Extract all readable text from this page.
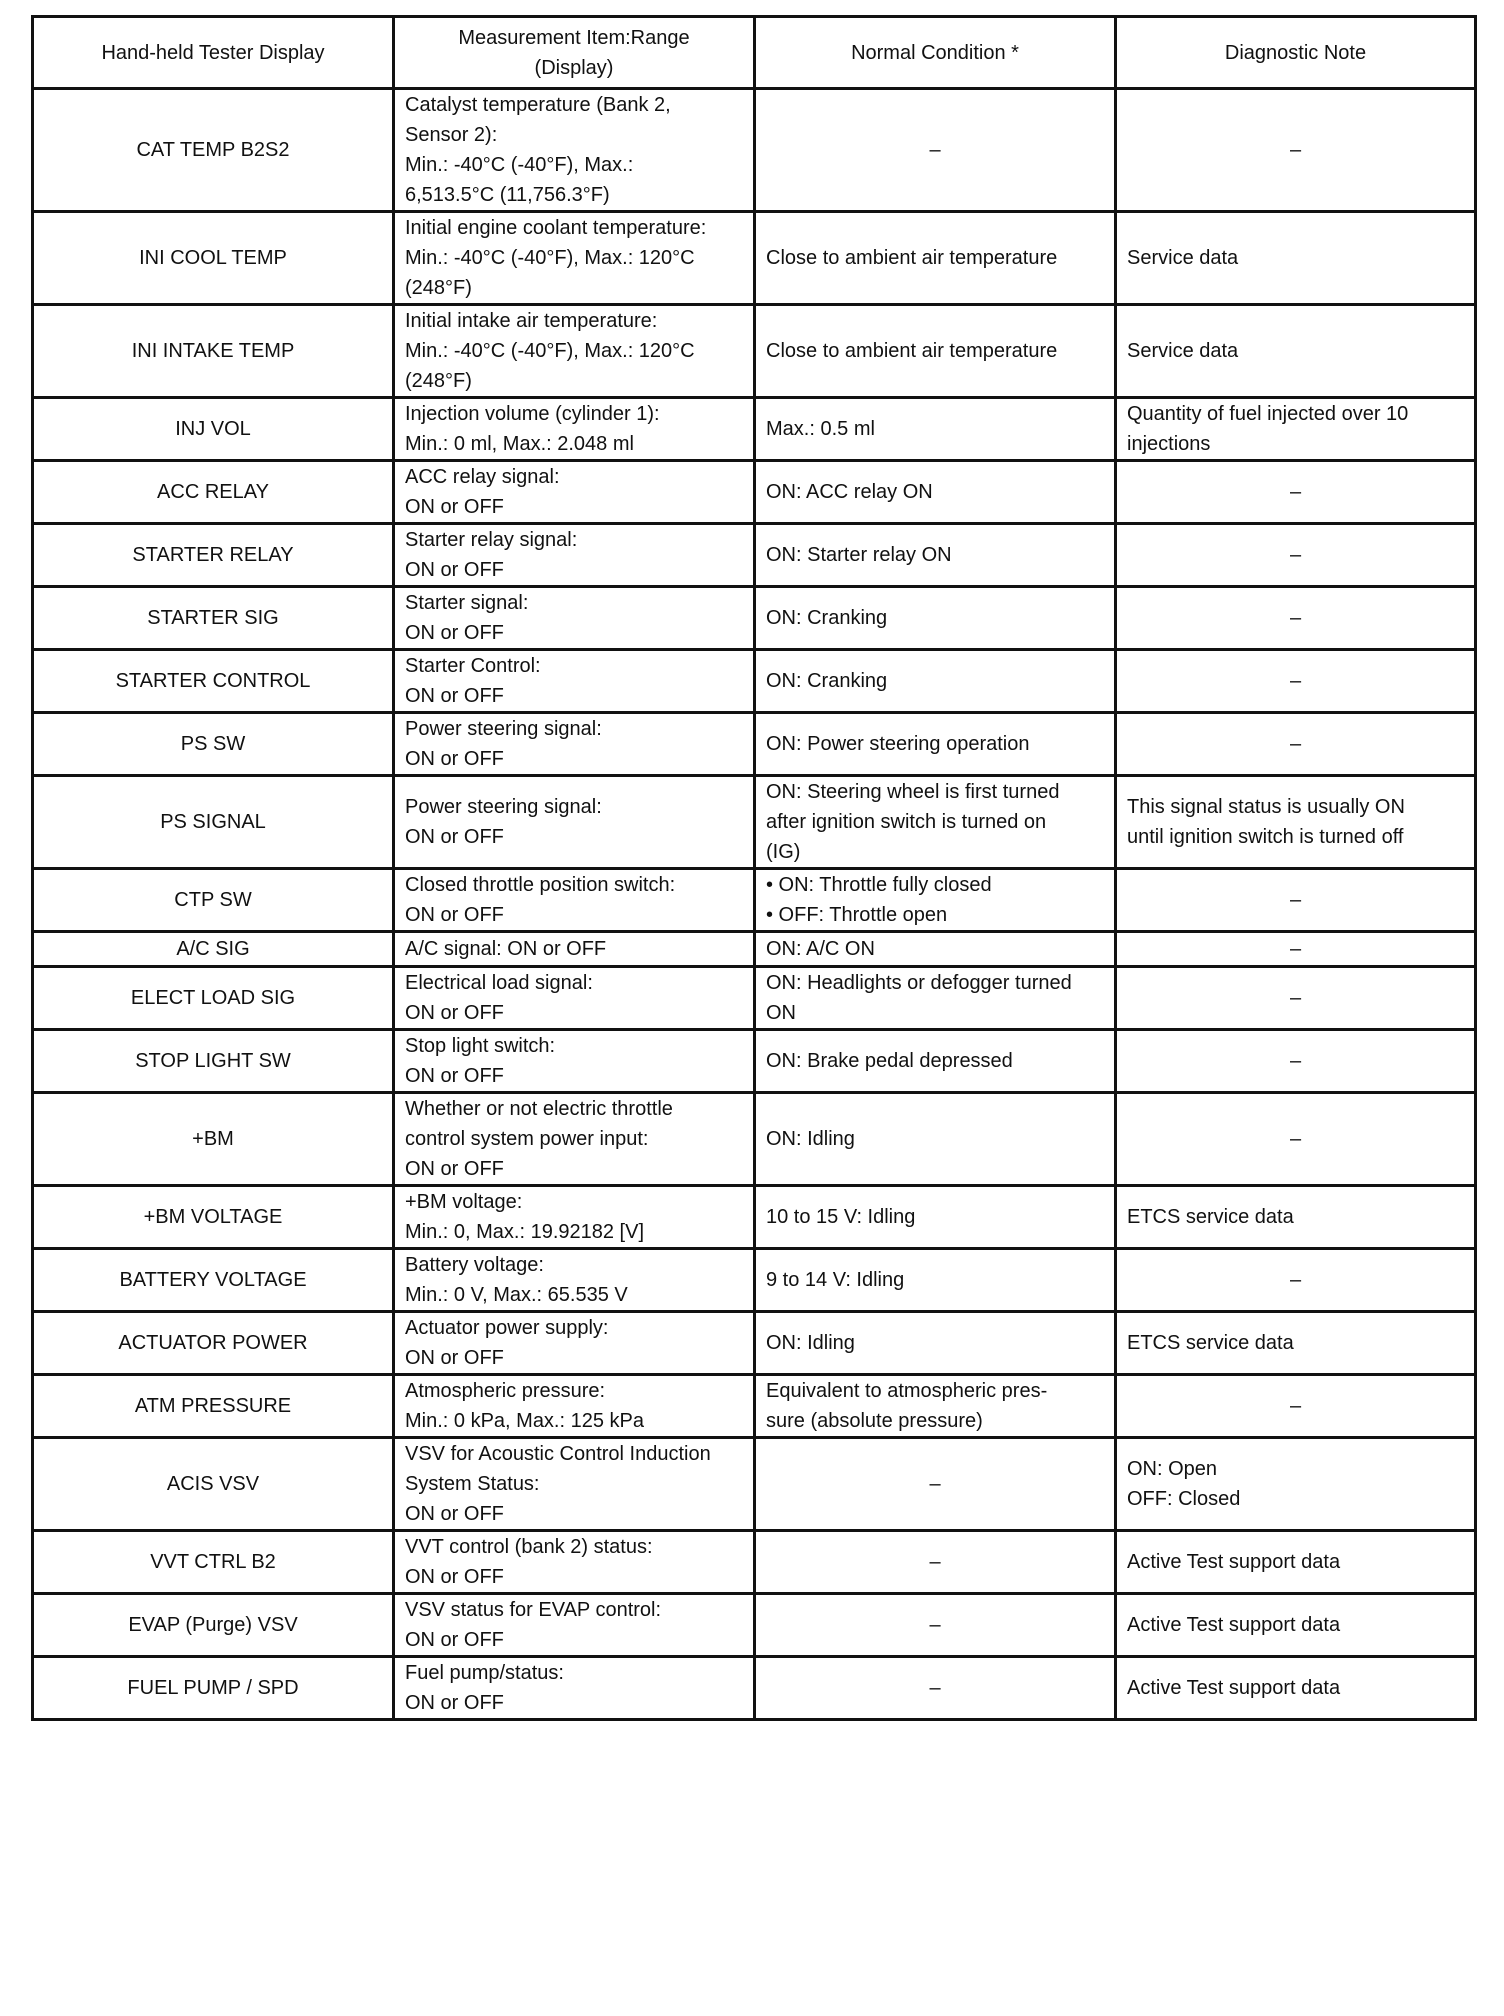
Hand-held Tester Display	Measurement Item:Range
(Display)	Normal Condition *	Diagnostic Note

CAT TEMP B2S2	Catalyst temperature (Bank 2,
Sensor 2):
Min.: -40°C (-40°F), Max.:
6,513.5°C (11,756.3°F)	–	–

INI COOL TEMP	Initial engine coolant temperature:
Min.: -40°C (-40°F), Max.: 120°C
(248°F)	Close to ambient air temperature	Service data

INI INTAKE TEMP	Initial intake air temperature:
Min.: -40°C (-40°F), Max.: 120°C
(248°F)	Close to ambient air temperature	Service data

INJ VOL	Injection volume (cylinder 1):
Min.: 0 ml, Max.: 2.048 ml	Max.: 0.5 ml	Quantity of fuel injected over 10
injections

ACC RELAY	ACC relay signal:
ON or OFF	ON: ACC relay ON	–

STARTER RELAY	Starter relay signal:
ON or OFF	ON: Starter relay ON	–

STARTER SIG	Starter signal:
ON or OFF	ON: Cranking	–

STARTER CONTROL	Starter Control:
ON or OFF	ON: Cranking	–

PS SW	Power steering signal:
ON or OFF	ON: Power steering operation	–

PS SIGNAL	Power steering signal:
ON or OFF	ON: Steering wheel is first turned
after ignition switch is turned on
(IG)	This signal status is usually ON
until ignition switch is turned off

CTP SW	Closed throttle position switch:
ON or OFF	• ON: Throttle fully closed
• OFF: Throttle open	–

A/C SIG	A/C signal: ON or OFF	ON: A/C ON	–

ELECT LOAD SIG	Electrical load signal:
ON or OFF	ON: Headlights or defogger turned
ON	–

STOP LIGHT SW	Stop light switch:
ON or OFF	ON: Brake pedal depressed	–

+BM	Whether or not electric throttle
control system power input:
ON or OFF	ON: Idling	–

+BM VOLTAGE	+BM voltage:
Min.: 0, Max.: 19.92182 [V]	10 to 15 V: Idling	ETCS service data

BATTERY VOLTAGE	Battery voltage:
Min.: 0 V, Max.: 65.535 V	9 to 14 V: Idling	–

ACTUATOR POWER	Actuator power supply:
ON or OFF	ON: Idling	ETCS service data

ATM PRESSURE	Atmospheric pressure:
Min.: 0 kPa, Max.: 125 kPa	Equivalent to atmospheric pres-
sure (absolute pressure)	–

ACIS VSV	VSV for Acoustic Control Induction
System Status:
ON or OFF	–	ON: Open
OFF: Closed

VVT CTRL B2	VVT control (bank 2) status:
ON or OFF	–	Active Test support data

EVAP (Purge) VSV	VSV status for EVAP control:
ON or OFF	–	Active Test support data

FUEL PUMP / SPD	Fuel pump/status:
ON or OFF	–	Active Test support data
